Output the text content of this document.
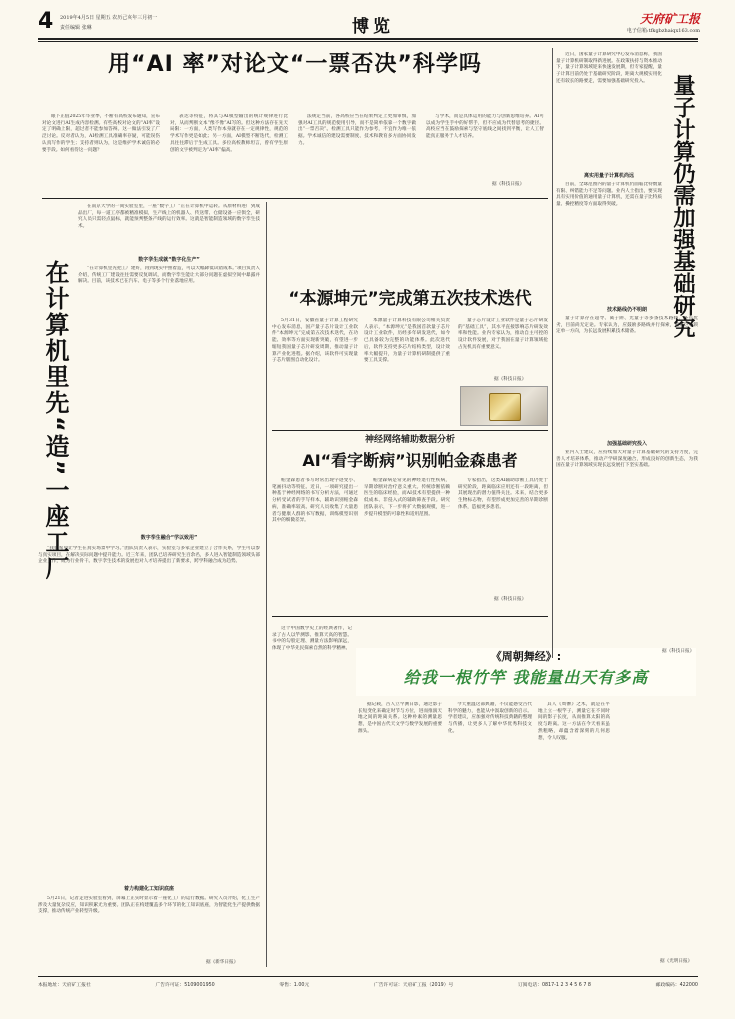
4 2019年4月5日 星期五 农历己亥年三月初一
责任编辑 张琳	博览	天府矿工报
电子信箱:tfkgbzhaiqx163.com
用“AI 率”对论文“一票否决”科学吗
眼下正值2025年毕业季，不断有高校发布通知，宣布对论文进行AI生成内容检测。有些高校对论文的“AI率”设定了明确上限，超过者不能参加答辩。这一做法引发了广泛讨论。反对者认为，AI检测工具准确率存疑，可能误伤认真写作的学生；支持者则认为，这是维护学术诚信的必要手段。如何看待这一问题？
表达等特征，将其与AI模型输出的统计规律进行比对，从而判断文本“像不像”AI写的。但这种方法存在先天局限：一方面，人类写作本身就存在一定规律性，规范的学术写作更是如此；另一方面，AI模型不断迭代，检测工具往往滞后于生成工具。多位高校教师坦言，曾有学生原创的文字被判定为“AI率”偏高。
法规定当前，各高校应当在结果判定上更加审慎，加强对AI工具的规范使用引导，而不是简单依靠一个数字做出“一票否决”。检测工具只能作为参考，不宜作为唯一依据。学术诚信的建设需要制度、技术和教育多方面协同发力。
与学术，而是具体运用的能力与创新思维培养。AI可以成为学生手中的好帮手，但不应成为代替思考的捷径。高校应当在鼓励探索与坚守底线之间找到平衡，让人工智能真正服务于人才培养。
据《科技日报》
在计算机里先“造”一座工厂
在南京大学的一间实验室里，一座“数字工厂”正在计算机中运转。从原材料进厂到成品出厂，每一道工序都被精准模拟，生产线上的机器人、传送带、仓储设备一应俱全，研究人员只需轻点鼠标，就能预判整条产线的运行效率。这就是智能制造领域的数字孪生技术。
数字孪生成就“数字化生产”
“在计算机里先把工厂建好，再到现实中照着造，可以大幅降低试错成本。”项目负责人介绍，传统工厂建设往往需要反复调试，而数字孪生能让大部分问题在虚拟空间中暴露并解决。目前，该技术已在汽车、电子等多个行业落地应用。
数字孪生融合“学以致用”
“我们希望让学生在真实场景中学习。”团队负责人表示，实验室与多家企业建立了合作关系，学生可以参与真实项目，在解决实际问题中提升能力。近三年来，团队已培养研究生百余名，多人进入智能制造领域头部企业工作，成为行业骨干。数字孪生技术的发展也对人才培养提出了新要求，跨学科融合成为趋势。
着力构建化工知识底座
5月21日，记者走进实验室看到，屏幕上正实时显示着一座化工厂的运行数据。研究人员介绍，化工生产涉及大量复杂反应，知识积累尤为重要。团队正在构建覆盖多个环节的化工知识底座，为智能化生产提供数据支撑，推动传统产业转型升级。
据《新华日报》
“本源坤元”完成第五次技术迭代
5月31日，安徽省量子计算工程研究中心发布消息，国产量子芯片设计工业软件“本源坤元”完成第五次技术迭代，在功能、效率等方面实现新突破，有望进一步缩短我国量子芯片研发周期，推动量子计算产业化进程。据介绍，该软件可实现量子芯片版图自动化设计。
本源量子计算科技有限公司相关负责人表示，“本源坤元”是我国首款量子芯片设计工业软件，历经多年研发迭代，如今已具备较为完整的功能体系。此次迭代后，软件支持更多芯片结构类型，设计效率大幅提升，为量子计算机研制提供了重要工具支撑。
量子芯片设计工业软件是量子芯片研发的“基础工具”，其水平直接影响芯片研发效率和性能。业内专家认为，推动自主可控的设计软件发展，对于我国在量子计算领域抢占先机具有重要意义。
据《科技日报》
神经网络辅助数据分析
AI“看字断病”识别帕金森患者
帕金森患者书写时常出现字迹变小、笔画抖动等特征。近日，一项研究提出一种基于神经网络的书写分析方法，可通过分析受试者的手写样本，辅助识别帕金森病，准确率较高。研究人员收集了大量患者与健康人群的书写数据，训练模型识别其中的细微差异。
帕金森病是常见的神经退行性疾病，早期诊断对治疗意义重大。传统诊断依赖医生的临床经验，而AI技术有望提供一种低成本、非侵入式的辅助筛查手段。研究团队表示，下一步将扩大数据规模，进一步提升模型的可靠性和适用范围。
专家指出，这类AI辅助诊断工具仍处于研究阶段，距离临床应用还有一段距离，但其展现出的潜力值得关注。未来，结合更多生物标志物，有望形成更加完善的早期诊断体系，造福更多患者。
据《科技日报》
《周朝舞经》:
给我一根竹竿 我能量出天有多高
这个中国数学史上的经典著作，记录了古人以竿测影、推算天高的智慧。书中的勾股定理、测量方法影响深远，体现了中华先民探索自然的科学精神。
据记载，古人立竿测日影，通过影子长短变化来确定时节与方位，进而推演天地之间的距离关系。这种朴素的测量思想，是中国古代天文学与数学发展的重要源头。
今天重温这部典籍，不仅能感受古代科学的魅力，也能从中汲取创新的启示。学者建议，应加强对传统科技典籍的整理与传播，让更多人了解中华优秀科技文化。
其人《周髀》之术，就是在平地上立一根竿子，测量它在不同时间的影子长度，从而推算太阳的高度与距离。这一方法在今天看来虽然粗略，却蕴含着深刻的几何思想，令人叹服。
据《光明日报》
近日，国家量子计算研究中心发布消息称，我国量子计算机研制取得新进展。在政策扶持与资本推动下，量子计算领域迎来快速发展期，但专家提醒，量子计算目前仍处于基础研究阶段，距离大规模实用化还有较长的路要走，需要加强基础研究投入。	量子计算仍需加强基础研究
离实用量子计算机尚远
目前，全球范围内的量子计算机仍面临比特数量有限、纠错能力不足等问题。业内人士指出，要实现具有实用价值的通用量子计算机，还需在量子比特质量、操控精度等方面取得突破。
技术路线仍不明朗
量子计算存在超导、离子阱、光量子等多条技术路线，各有优劣，目前尚无定论。专家认为，应鼓励多路线并行探索，避免过早锁定单一方向，为长远发展积累技术储备。
加强基础研究投入
业内人士建议，应持续加大对量子计算基础研究的支持力度，完善人才培养体系，推动产学研深度融合，形成良好的创新生态，为我国在量子计算领域实现长远发展打下坚实基础。
据《科技日报》
本报地址：天府矿工报社	广告许可证：5109001950	零售：1.00元	广告许可证：天府矿工报（2019）号	订阅电话：0817-1 2 3 4 5 6 7 8	邮政编码：422000
